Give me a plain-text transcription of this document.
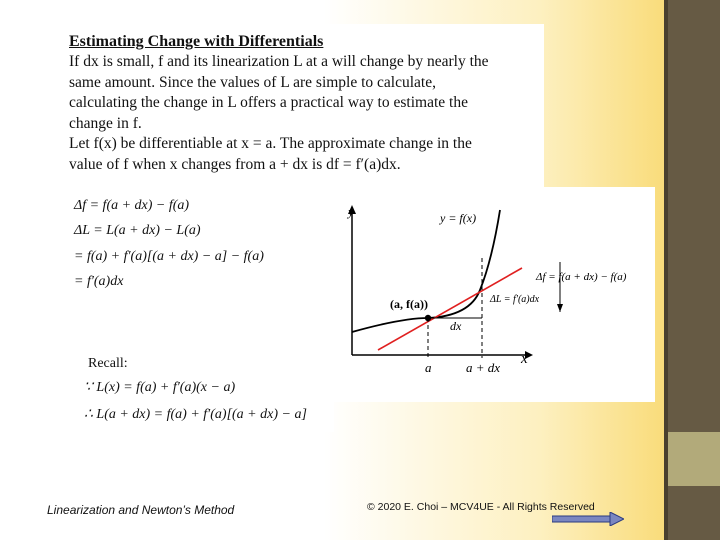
Estimating Change with Differentials
If dx is small, f and its linearization L at a will change by nearly the
same amount. Since the values of L are simple to calculate,
calculating the change in L offers a practical way to estimate the
change in f.
Let f(x) be differentiable at x = a. The approximate change in the
value of f when x changes from a + dx is df = f′(a)dx.
Δf = f(a + dx) − f(a)
ΔL = L(a + dx) − L(a)
= f(a) + f′(a)[(a + dx) − a] − f(a)
= f′(a)dx
Recall:
∵ L(x) = f(a) + f′(a)(x − a)
∴ L(a + dx) = f(a) + f′(a)[(a + dx) − a]
y
x
y = f(x)
(a, f(a))
dx
Δf = f(a + dx) − f(a)
ΔL = f′(a)dx
a	a + dx
Linearization and Newton’s Method	© 2020 E. Choi – MCV4UE - All Rights Reserved
